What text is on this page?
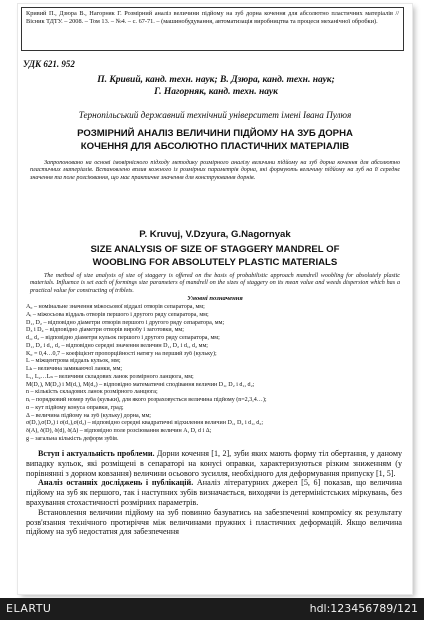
Кривий П., Дзюра В., Нагорняк Г. Розмірний аналіз величини підйому на зуб дорна кочення для абсолютно пластичних матеріалів // Вісник ТДТУ. – 2008. – Том 13. – №4. – с. 67-71. – (машинобудування, автоматизація виробництва та процеси механічної обробки).
УДК 621. 952
П. Кривий, канд. техн. наук; В. Дзюра, канд. техн. наук;
Г. Нагорняк, канд. техн. наук
Тернопільський державний технічний університет імені Івана Пулюя
РОЗМІРНИЙ АНАЛІЗ ВЕЛИЧИНИ ПІДЙОМУ НА ЗУБ ДОРНА
КОЧЕННЯ ДЛЯ АБСОЛЮТНО ПЛАСТИЧНИХ МАТЕРІАЛІВ
Запропоновано на основі імовірнісного підходу методику розмірного аналізу величини підйому на зуб дорна кочення для абсолютно пластичних матеріалів. Встановлено вплив кожного із розмірних параметрів дорна, які формують величину підйому на зуб на її середнє значення та поле розсіювання, що має практичне значення для конструювання дорнів.
P. Kruvuj, V.Dzyura, G.Nagornyak
SIZE ANALYSIS OF SIZE OF STAGGERY MANDREL OF
WOOBLING FOR ABSOLUTELY PLASTIC MATERIALS
The method of size analysis of size of staggery is offered on the basis of probabilistic approach mandrell woobling for absolutely plastic materials. Influence is set each of formings size parameters of mandrell on the sizes of staggery on its mean value and weeds dispersion which has a practical value for constructing of triblets.
Умовні позначення
A₀ – номінальне значення міжосьової віддалі отворів сепаратора, мм;
Aᵢ – міжосьова віддаль отворів першого і другого ряду сепаратора, мм;
D₁, D₂ – відповідно діаметри отворів першого і другого ряду сепаратора, мм;
D₃ і D₄ – відповідно діаметри отворів виробу і заготовки, мм;
d₁, d₂ – відповідно діаметри кульок першого і другого ряду сепаратора, мм;
D̄₁, D̄₂ і d̄₁, d̄₂ – відповідно середні значення величин D₁, D₂ і d₁, d₂ мм;
K₀ = 0,4…0,7 – коефіцієнт пропорційності натягу на перший зуб (кульку);
L – міжцентрова віддаль кульок, мм;
Lₖ – величина замикаючої ланки, мм;
L₁, L₂…Lₙ – величини складових ланок розмірного ланцюга, мм;
M(D₁), M(D₂) і M(d₁), M(d₂) – відповідно математичні сподівання величин D₁, D₂ і d₁, d₂;
n – кількість складових ланок розмірного ланцюга;
nᵢ – порядковий номер зуба (кульки), для якого розраховується величина підйому (n=2,3,4…);
α – кут підйому конуса оправки, град;
Δ – величина підйому на зуб (кульку) дорна, мм;
σ(D₁),σ(D₂) і σ(d₁),σ(d₂) – відповідно середні квадратичні відхилення величин D₁, D₂ і d₁, d₂;
δ(A), δ(D), δ(d), δ(Δ) – відповідно поле розсіювання величин A, D, d і Δ;
g – загальна кількість деформ зубів.

Вступ і актуальність проблеми. Дорни кочення [1, 2], зуби яких мають форму тіл обертання, у даному випадку кульок, які розміщені в сепараторі на конусі оправки, характеризуються різким зниженням (у порівнянні з дорном ковзання) величини осьового зусилля, необхідного для деформування припуску [1, 5].

Аналіз останніх досліджень і публікацій. Аналіз літературних джерел [5, 6] показав, що величина підйому на зуб як першого, так і наступних зубів визначається, виходячи із детерміністських міркувань, без врахування стохастичності розмірних параметрів.

Встановлення величини підйому на зуб повинно базуватись на забезпеченні компромісу як результату розв'язання технічного протиріччя між величинами пружних і пластичних деформацій. Якщо величина підйому на зуб недостатня для забезпечення

ELARTU	hdl:123456789/121
